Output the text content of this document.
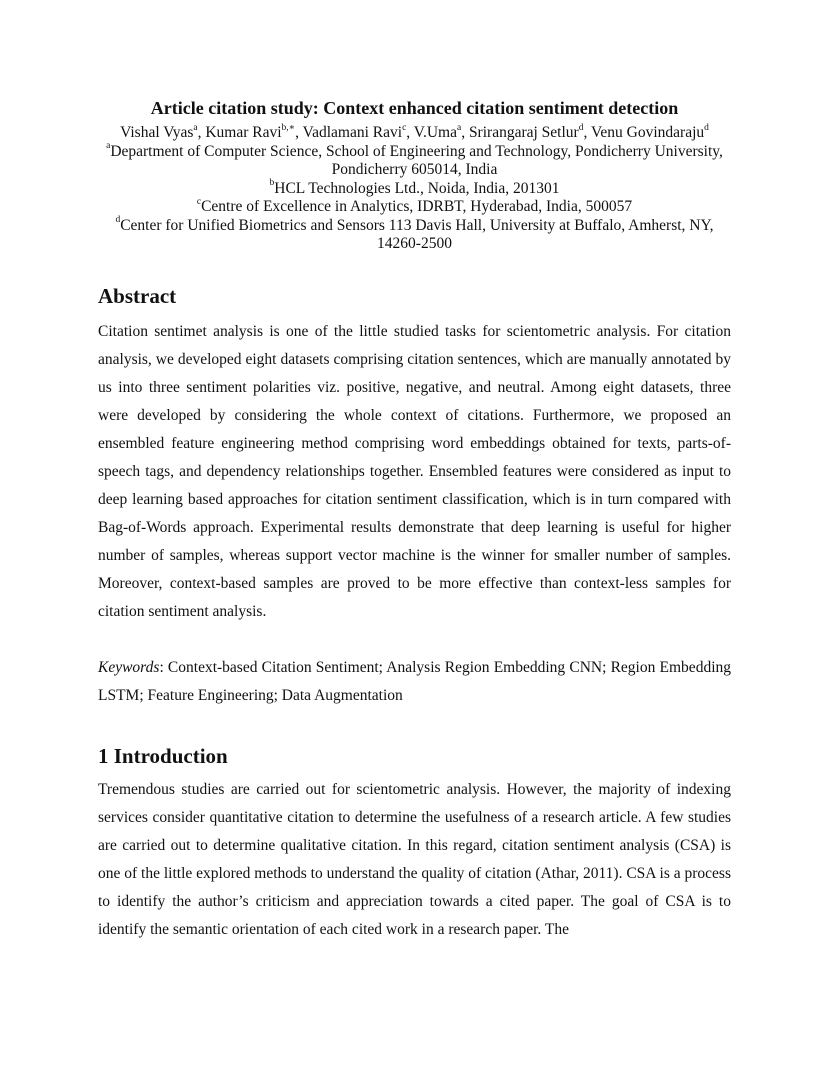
Article citation study: Context enhanced citation sentiment detection
Vishal Vyas$^a$, Kumar Ravi$^{b,∗}$, Vadlamani Ravi$^c$, V.Uma$^a$, Srirangaraj Setlur$^d$, Venu Govindaraju$^d$
$^a$Department of Computer Science, School of Engineering and Technology, Pondicherry University, Pondicherry 605014, India
$^b$HCL Technologies Ltd., Noida, India, 201301
$^c$Centre of Excellence in Analytics, IDRBT, Hyderabad, India, 500057
$^d$Center for Unified Biometrics and Sensors 113 Davis Hall, University at Buffalo, Amherst, NY, 14260-2500
Abstract

Citation sentimet analysis is one of the little studied tasks for scientometric analysis. For citation analysis, we developed eight datasets comprising citation sentences, which are manually annotated by us into three sentiment polarities viz. positive, negative, and neutral. Among eight datasets, three were developed by considering the whole context of citations. Furthermore, we proposed an ensembled feature engineering method comprising word embeddings obtained for texts, parts-of-speech tags, and dependency relationships together. Ensembled features were considered as input to deep learning based approaches for citation sentiment classification, which is in turn compared with Bag-of-Words approach. Experimental results demonstrate that deep learning is useful for higher number of samples, whereas support vector machine is the winner for smaller number of samples. Moreover, context-based samples are proved to be more effective than context-less samples for citation sentiment analysis.

Keywords: Context-based Citation Sentiment; Analysis Region Embedding CNN; Region Embedding LSTM; Feature Engineering; Data Augmentation

1 Introduction

Tremendous studies are carried out for scientometric analysis. However, the majority of indexing services consider quantitative citation to determine the usefulness of a research article. A few studies are carried out to determine qualitative citation. In this regard, citation sentiment analysis (CSA) is one of the little explored methods to understand the quality of citation (Athar, 2011). CSA is a process to identify the author’s criticism and appreciation towards a cited paper. The goal of CSA is to identify the semantic orientation of each cited work in a research paper. The
